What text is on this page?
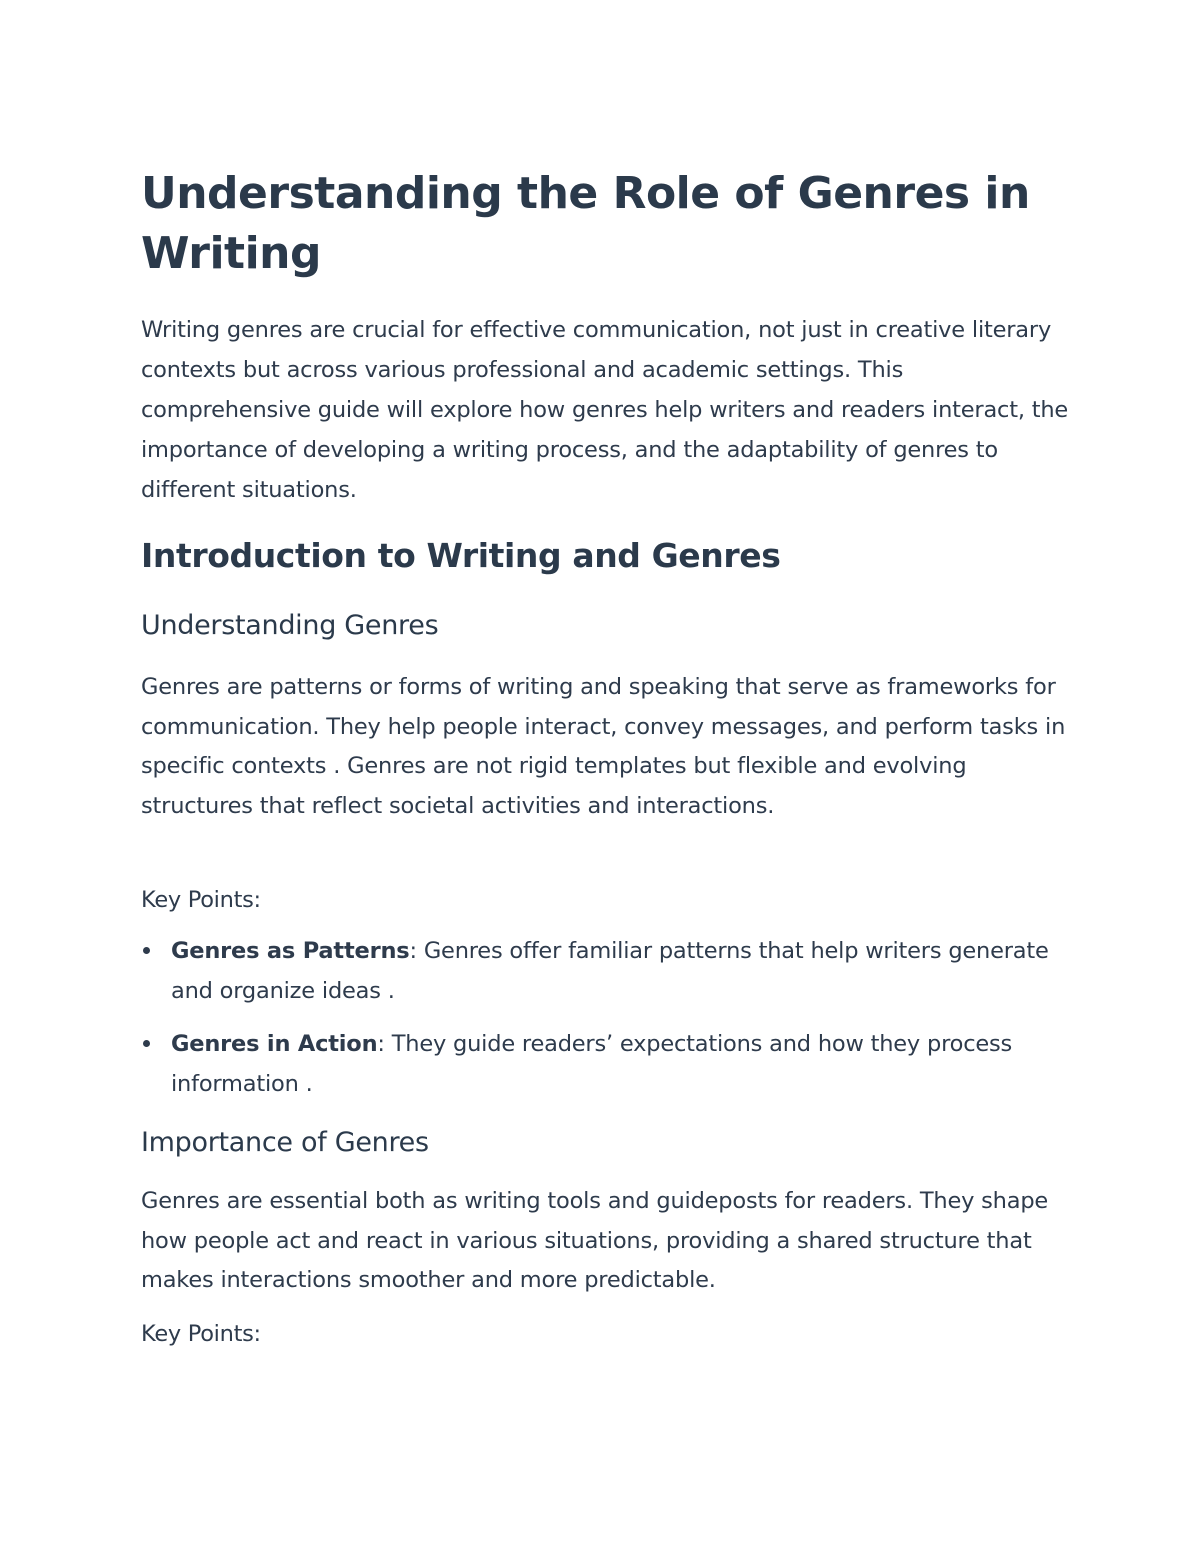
Understanding the Role of Genres in Writing

Writing genres are crucial for effective communication, not just in creative literary contexts but across various professional and academic settings. This comprehensive guide will explore how genres help writers and readers interact, the importance of developing a writing process, and the adaptability of genres to different situations.

Introduction to Writing and Genres
Understanding Genres

Genres are patterns or forms of writing and speaking that serve as frameworks for communication. They help people interact, convey messages, and perform tasks in specific contexts . Genres are not rigid templates but flexible and evolving structures that reflect societal activities and interactions.

Key Points:

Genres as Patterns: Genres offer familiar patterns that help writers generate and organize ideas .
Genres in Action: They guide readers’ expectations and how they process information .
Importance of Genres

Genres are essential both as writing tools and guideposts for readers. They shape how people act and react in various situations, providing a shared structure that makes interactions smoother and more predictable.

Key Points:
